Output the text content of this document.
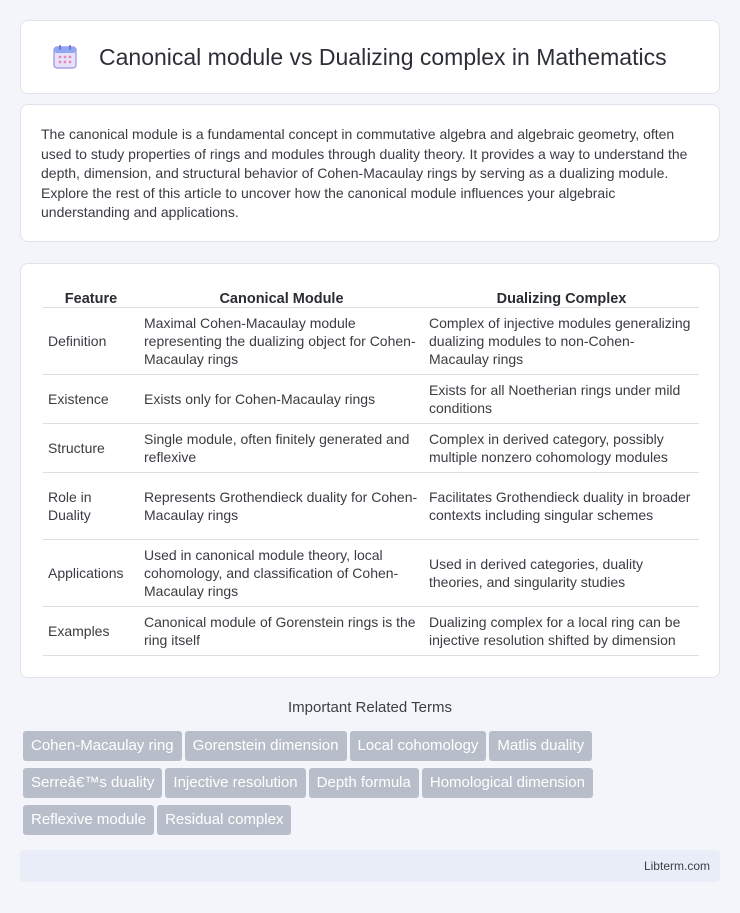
Canonical module vs Dualizing complex in Mathematics

The canonical module is a fundamental concept in commutative algebra and algebraic geometry, often used to study properties of rings and modules through duality theory. It provides a way to understand the depth, dimension, and structural behavior of Cohen-Macaulay rings by serving as a dualizing module. Explore the rest of this article to uncover how the canonical module influences your algebraic understanding and applications.

Feature	Canonical Module	Dualizing Complex
Definition	Maximal Cohen-Macaulay module representing the dualizing object for Cohen-Macaulay rings	Complex of injective modules generalizing dualizing modules to non-Cohen-Macaulay rings
Existence	Exists only for Cohen-Macaulay rings	Exists for all Noetherian rings under mild conditions
Structure	Single module, often finitely generated and reflexive	Complex in derived category, possibly multiple nonzero cohomology modules
Role in Duality	Represents Grothendieck duality for Cohen-Macaulay rings	Facilitates Grothendieck duality in broader contexts including singular schemes
Applications	Used in canonical module theory, local cohomology, and classification of Cohen-Macaulay rings	Used in derived categories, duality theories, and singularity studies
Examples	Canonical module of Gorenstein rings is the ring itself	Dualizing complex for a local ring can be injective resolution shifted by dimension
Important Related Terms
Cohen-Macaulay ring Gorenstein dimension Local cohomology Matlis duality
Serreâ€™s duality Injective resolution Depth formula Homological dimension
Reflexive module Residual complex
Libterm.com
